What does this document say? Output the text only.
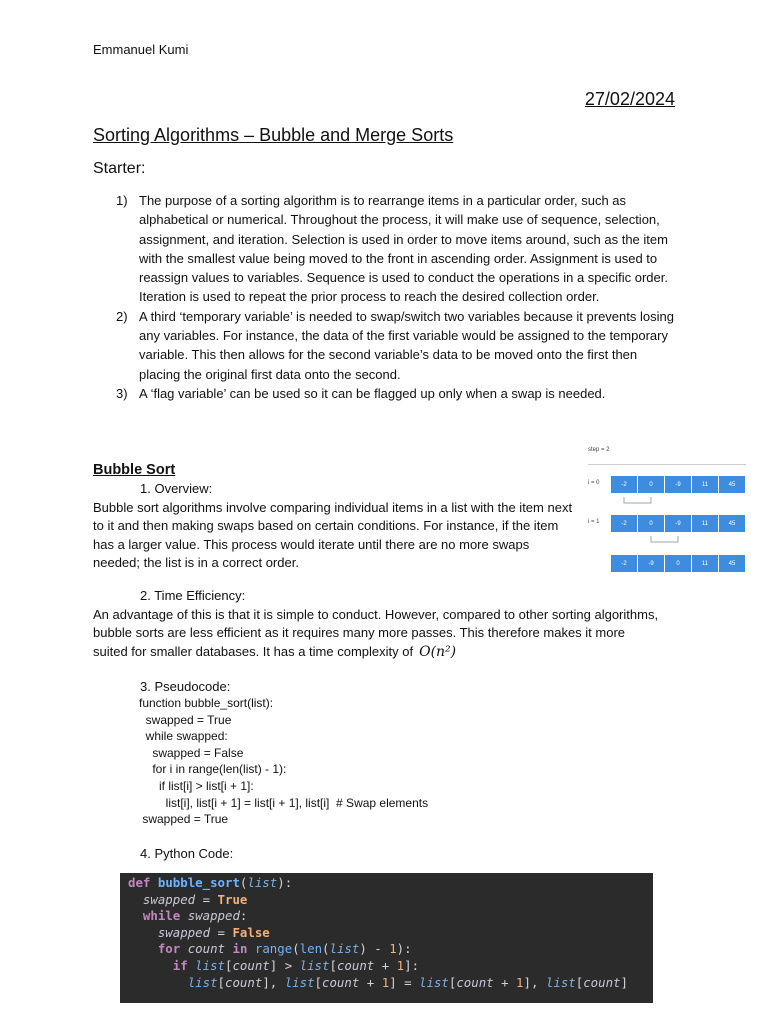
Emmanuel Kumi
27/02/2024
Sorting Algorithms – Bubble and Merge Sorts
Starter:
1) The purpose of a sorting algorithm is to rearrange items in a particular order, such as alphabetical or numerical. Throughout the process, it will make use of sequence, selection, assignment, and iteration. Selection is used in order to move items around, such as the item with the smallest value being moved to the front in ascending order. Assignment is used to reassign values to variables. Sequence is used to conduct the operations in a specific order. Iteration is used to repeat the prior process to reach the desired collection order.
2) A third ‘temporary variable’ is needed to swap/switch two variables because it prevents losing any variables. For instance, the data of the first variable would be assigned to the temporary variable. This then allows for the second variable’s data to be moved onto the first then placing the original first data onto the second.
3) A ‘flag variable’ can be used so it can be flagged up only when a swap is needed.
Bubble Sort
1. Overview:
Bubble sort algorithms involve comparing individual items in a list with the item next to it and then making swaps based on certain conditions. For instance, if the item has a larger value. This process would iterate until there are no more swaps needed; the list is in a correct order.
2. Time Efficiency:
An advantage of this is that it is simple to conduct. However, compared to other sorting algorithms, bubble sorts are less efficient as it requires many more passes. This therefore makes it more suited for smaller databases. It has a time complexity of O(n²)
3. Pseudocode:
function bubble_sort(list):
swapped = True
while swapped:
swapped = False
for i in range(len(list) - 1):
if list[i] > list[i + 1]:
list[i], list[i + 1] = list[i + 1], list[i]  # Swap elements
swapped = True
4. Python Code:
def bubble_sort(list):
swapped = True
while swapped:
swapped = False
for count in range(len(list) - 1):
if list[count] > list[count + 1]:
list[count], list[count + 1] = list[count + 1], list[count]
step = 2
i = 0	-2	0	-9	11	45
i = 1	-2	0	-9	11	45
-2	-9	0	11	45
